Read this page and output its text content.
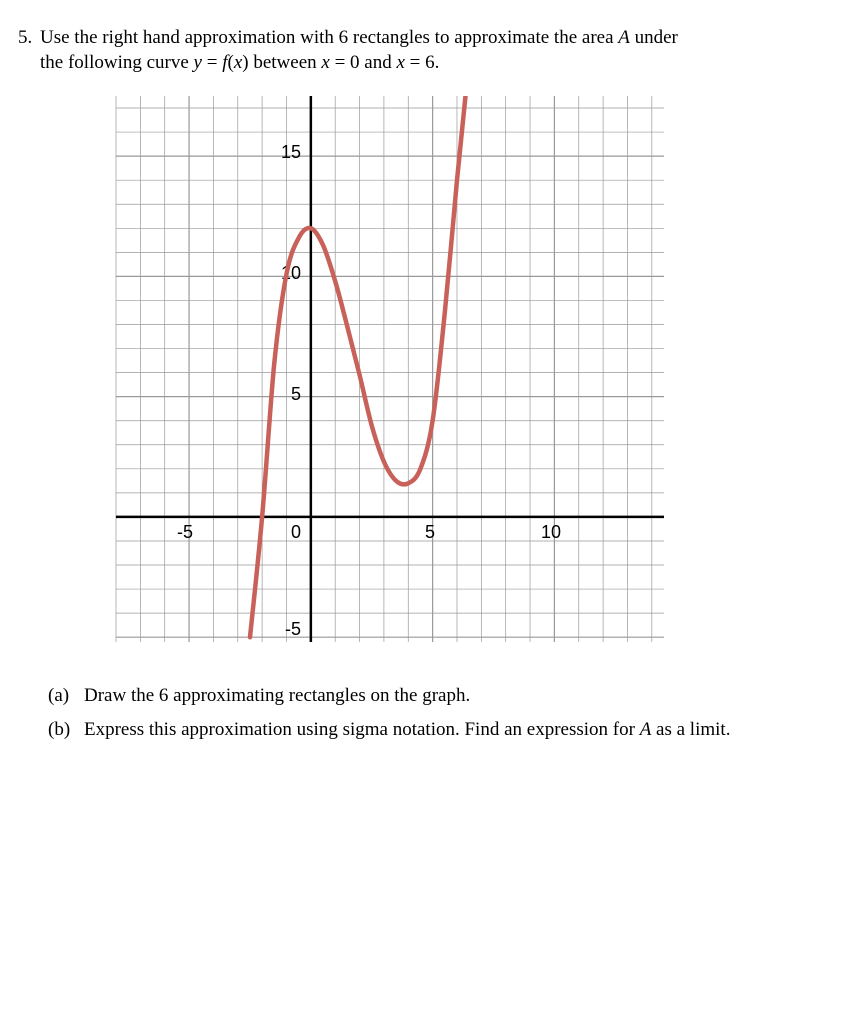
5. Use the right hand approximation with 6 rectangles to approximate the area A under
the following curve y = f(x) between x = 0 and x = 6.
-5	0	5	10
15
10
5
-5
(a) Draw the 6 approximating rectangles on the graph.
(b) Express this approximation using sigma notation. Find an expression for A as a limit.
